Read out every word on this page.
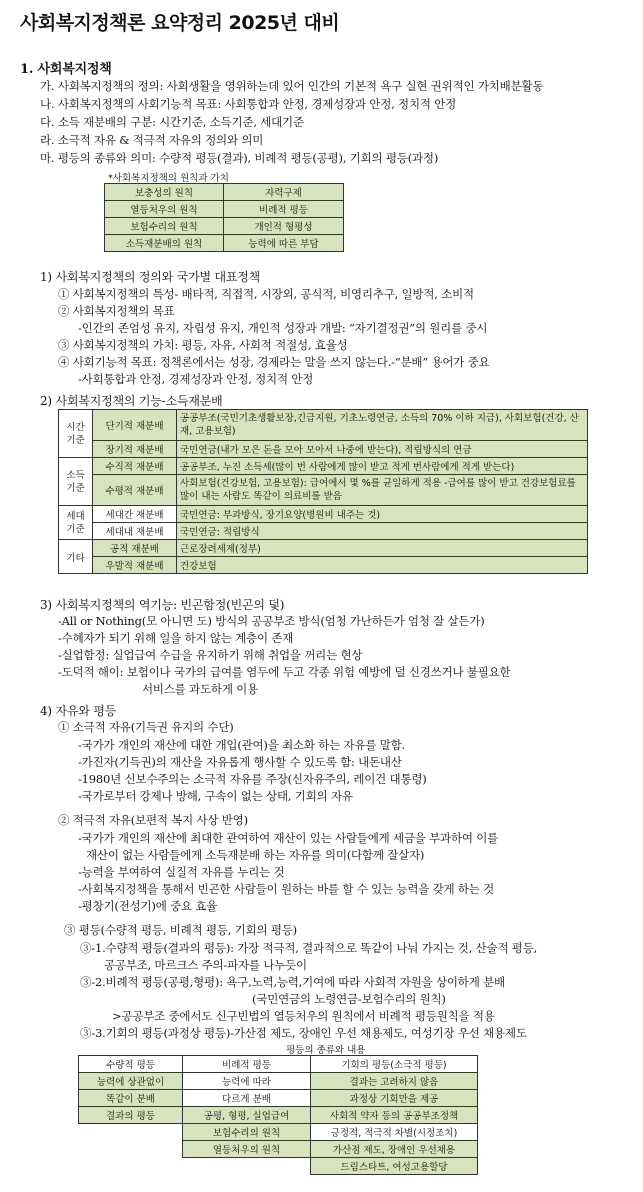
사회복지정책론 요약정리 2025년 대비
1. 사회복지정책
가. 사회복지정책의 정의: 사회생활을 영위하는데 있어 인간의 기본적 욕구 실현 권위적인 가치배분활동
나. 사회복지정책의 사회기능적 목표: 사회통합과 안정, 경제성장과 안정, 정치적 안정
다. 소득 재분배의 구분: 시간기준, 소득기준, 세대기준
라. 소극적 자유 & 적극적 자유의 정의와 의미
마. 평등의 종류와 의미: 수량적 평등(결과), 비례적 평등(공평), 기회의 평등(과정)
*사회복지정책의 원칙과 가치
보충성의 원칙	자력구제
열등처우의 원칙	비례적 평등
보험수리의 원칙	개인적 형평성
소득재분배의 원칙	능력에 따른 부담
1) 사회복지정책의 정의와 국가별 대표정책
① 사회복지정책의 특성- 배타적, 직접적, 시장외, 공식적, 비영리추구, 일방적, 소비적
② 사회복지정책의 목표
-인간의 존엄성 유지, 자립성 유지, 개인적 성장과 개발: “자기결정권”의 원리를 중시
③ 사회복지정책의 가치: 평등, 자유, 사회적 적절성, 효율성
④ 사회기능적 목표: 정책론에서는 성장, 경제라는 말을 쓰지 않는다.-“분배” 용어가 중요
-사회통합과 안정, 경제성장과 안정, 정치적 안정
2) 사회복지정책의 기능-소득재분배
시간
기준	단기적 재분배	공공부조(국민기초생활보장,긴급지원, 기초노령연금, 소득의 70% 이하 지급), 사회보험(건강, 산재, 고용보험)
	장기적 재분배	국민연금(내가 모은 돈을 모아 모아서 나중에 받는다), 적립방식의 연금
소득
기준	수직적 재분배	공공부조, 누진 소득세(많이 번 사람에게 많이 받고 적게 번사람에게 적게 받는다)
	수평적 재분배	사회보험(건강보험, 고용보험): 급여에서 몇 %를 균일하게 적용 -급여를 많이 받고 건강보험료를 많이 내는 사람도 똑같이 의료비를 받음
세대
기준	세대간 재분배	국민연금: 부과방식, 장기요양(병원비 내주는 것)
	세대내 재분배	국민연금: 적립방식
기타	공적 재분배	근로장려세제(정부)
	우발적 재분배	건강보험
3) 사회복지정책의 역기능: 빈곤함정(빈곤의 덫)
-All or Nothing(모 아니면 도) 방식의 공공부조 방식(엄청 가난하든가 엄청 잘 살든가)
-수혜자가 되기 위해 일을 하지 않는 계층이 존재
-실업함정: 실업급여 수급을 유지하기 위해 취업을 꺼리는 현상
-도덕적 해이: 보험이나 국가의 급여를 염두에 두고 각종 위험 예방에 덜 신경쓰거나 불필요한
서비스를 과도하게 이용
4) 자유와 평등
① 소극적 자유(기득권 유지의 수단)
-국가가 개인의 재산에 대한 개입(관여)을 최소화 하는 자유를 말함.
-가진자(기득권)의 재산을 자유롭게 행사할 수 있도록 함: 내돈내산
-1980년 신보수주의는 소극적 자유를 주장(신자유주의, 레이건 대통령)
-국가로부터 강제나 방해, 구속이 없는 상태, 기회의 자유
② 적극적 자유(보편적 복지 사상 반영)
-국가가 개인의 재산에 최대한 관여하여 재산이 있는 사람들에게 세금을 부과하여 이를
재산이 없는 사람들에게 소득재분배 하는 자유를 의미(다함께 잘살자)
-능력을 부여하여 실질적 자유를 누리는 것
-사회복지정책을 통해서 빈곤한 사람들이 원하는 바를 할 수 있는 능력을 갖게 하는 것
-평창기(전성기)에 중요 효율
③ 평등(수량적 평등, 비례적 평등, 기회의 평등)
③-1.수량적 평등(결과의 평등): 가장 적극적, 결과적으로 똑같이 나눠 가지는 것, 산술적 평등,
공공부조, 마르크스 주의-파자를 나누듯이
③-2.비례적 평등(공평,형평): 욕구,노력,능력,기여에 따라 사회적 자원을 상이하게 분배
(국민연금의 노령연금-보험수리의 원칙)
>공공부조 중에서도 신구빈법의 열등처우의 원칙에서 비례적 평등원칙을 적용
③-3.기회의 평등(과정상 평등)-가산점 제도, 장애인 우선 채용제도, 여성기장 우선 채용제도
평등의 종류와 내용
수량적 평등	비례적 평등	기회의 평등(소극적 평등)
능력에 상관없이	능력에 따라	결과는 고려하지 않음
똑같이 분배	다르게 분배	과정상 기회만을 제공
결과의 평등	공평, 형평, 실업급여	사회적 약자 등의 공공부조정책
	보험수리의 원칙	긍정적, 적극적 차별(시정조치)
	열등처우의 원칙	가산점 제도, 장애인 우선채용
		드림스타트, 여성고용할당
